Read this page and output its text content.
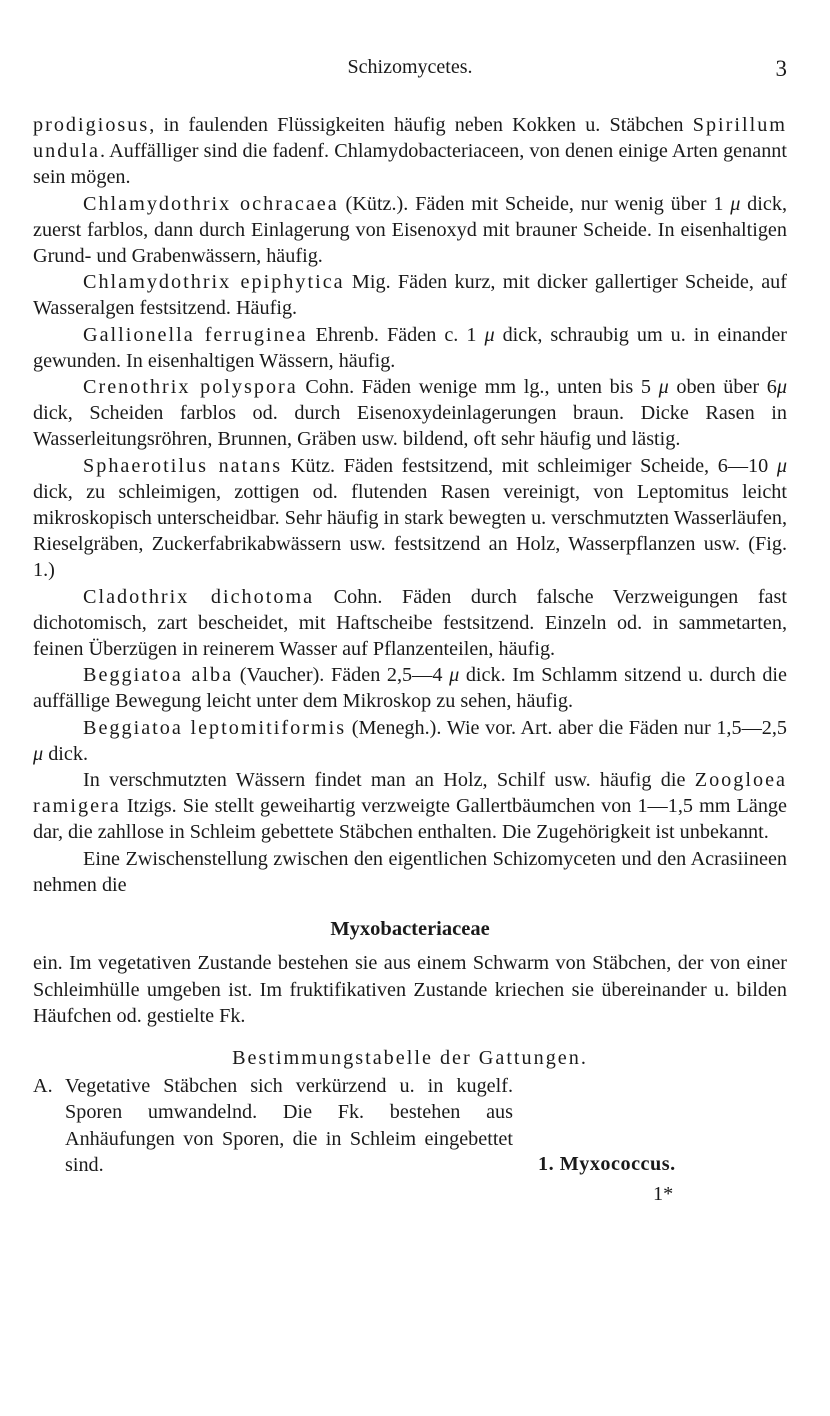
Schizomycetes.	3

prodigiosus, in faulenden Flüssigkeiten häufig neben Kokken u. Stäbchen Spirillum undula. Auffälliger sind die fadenf. Chlamydobacteriaceen, von denen einige Arten genannt sein mögen.

Chlamydothrix ochracaea (Kütz.). Fäden mit Scheide, nur wenig über 1 μ dick, zuerst farblos, dann durch Einlagerung von Eisenoxyd mit brauner Scheide. In eisenhaltigen Grund- und Grabenwässern, häufig.

Chlamydothrix epiphytica Mig. Fäden kurz, mit dicker gallertiger Scheide, auf Wasseralgen festsitzend. Häufig.

Gallionella ferruginea Ehrenb. Fäden c. 1 μ dick, schraubig um u. in einander gewunden. In eisenhaltigen Wässern, häufig.

Crenothrix polyspora Cohn. Fäden wenige mm lg., unten bis 5 μ oben über 6μ dick, Scheiden farblos od. durch Eisenoxydeinlagerungen braun. Dicke Rasen in Wasserleitungsröhren, Brunnen, Gräben usw. bildend, oft sehr häufig und lästig.

Sphaerotilus natans Kütz. Fäden festsitzend, mit schleimiger Scheide, 6—10 μ dick, zu schleimigen, zottigen od. flutenden Rasen vereinigt, von Leptomitus leicht mikroskopisch unterscheidbar. Sehr häufig in stark bewegten u. verschmutzten Wasserläufen, Rieselgräben, Zuckerfabrikabwässern usw. festsitzend an Holz, Wasserpflanzen usw. (Fig. 1.)

Cladothrix dichotoma Cohn. Fäden durch falsche Verzweigungen fast dichotomisch, zart bescheidet, mit Haftscheibe festsitzend. Einzeln od. in sammetarten, feinen Überzügen in reinerem Wasser auf Pflanzenteilen, häufig.

Beggiatoa alba (Vaucher). Fäden 2,5—4 μ dick. Im Schlamm sitzend u. durch die auffällige Bewegung leicht unter dem Mikroskop zu sehen, häufig.

Beggiatoa leptomitiformis (Menegh.). Wie vor. Art. aber die Fäden nur 1,5—2,5 μ dick.

In verschmutzten Wässern findet man an Holz, Schilf usw. häufig die Zoogloea ramigera Itzigs. Sie stellt geweihartig verzweigte Gallertbäumchen von 1—1,5 mm Länge dar, die zahllose in Schleim gebettete Stäbchen enthalten. Die Zugehörigkeit ist unbekannt.

Eine Zwischenstellung zwischen den eigentlichen Schizomyceten und den Acrasiineen nehmen die

Myxobacteriaceae

ein. Im vegetativen Zustande bestehen sie aus einem Schwarm von Stäbchen, der von einer Schleimhülle umgeben ist. Im fruktifikativen Zustande kriechen sie übereinander u. bilden Häufchen od. gestielte Fk.

Bestimmungstabelle der Gattungen.
A. Vegetative Stäbchen sich verkürzend u. in kugelf. Sporen umwandelnd. Die Fk. bestehen aus Anhäufungen von Sporen, die in Schleim eingebettet sind.	1. Myxococcus.
1*
